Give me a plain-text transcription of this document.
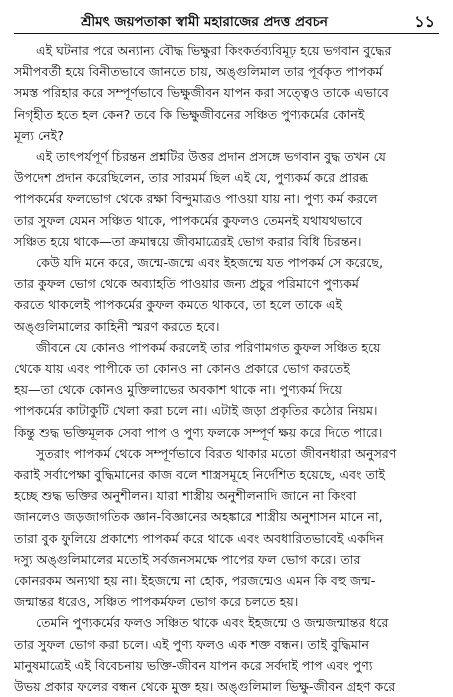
শ্রীমৎ জয়পতাকা স্বামী মহারাজের প্রদত্ত প্রবচন	১১
এই ঘটনার পরে অন্যান্য বৌদ্ধ ভিক্ষুরা কিংকর্তব্যবিমূঢ় হয়ে ভগবান বুদ্ধের
সমীপবর্তী হয়ে বিনীতভাবে জানতে চায়, অঙ্গুলিমাল তার পূর্বকৃত পাপকর্ম
সমস্ত পরিহার করে সম্পূর্ণভাবে ভিক্ষুজীবন যাপন করা সত্ত্বেও তাকে এভাবে
নিগৃহীত হতে হল কেন? তবে কি ভিক্ষুজীবনের সঞ্চিত পুণ্যকর্মের কোনই
মূল্য নেই?
এই তাৎপর্যপূর্ণ চিরন্তন প্রশ্নটির উত্তর প্রদান প্রসঙ্গে ভগবান বুদ্ধ তখন যে
উপদেশ প্রদান করেছিলেন, তার সারমর্ম ছিল এই যে, পুণ্যকর্ম করে প্রারব্ধ
পাপকর্মের ফলভোগ থেকে রক্ষা বিন্দুমাত্রও পাওয়া যায় না। পুণ্য কর্ম করলে
তার সুফল যেমন সঞ্চিত থাকে, পাপকর্মের কুফলও তেমনই যথাযথভাবে
সঞ্চিত হয়ে থাকে—তা ক্রমান্বয়ে জীবমাত্রেরই ভোগ করার বিধি চিরন্তন।
কেউ যদি মনে করে, জন্মে-জন্মে এবং ইহজন্মে যত পাপকর্ম সে করেছে,
তার কুফল ভোগ থেকে অব্যাহতি পাওয়ার জন্য প্রচুর পরিমাণে পুণ্যকর্ম
করতে থাকলেই পাপকর্মের কুফল কমতে থাকবে, তা হলে তাকে এই
অঙ্গুলিমালের কাহিনী স্মরণ করতে হবে।
জীবনে যে কোনও পাপকর্ম করলেই তার পরিণামগত কুফল সঞ্চিত হয়ে
থেকে যায় এবং পাপীকে তা কোনও না কোনও প্রকারে ভোগ করতেই
হয়—তা থেকে কোনও মুক্তিলাভের অবকাশ থাকে না। পুণ্যকর্ম দিয়ে
পাপকর্মের কাটাকুটি খেলা করা চলে না। এটাই জড়া প্রকৃতির কঠোর নিয়ম।
কিন্তু শুদ্ধ ভক্তিমূলক সেবা পাপ ও পুণ্য ফলকে সম্পূর্ণ ক্ষয় করে দিতে পারে।
সুতরাং পাপকর্ম থেকে সম্পূর্ণভাবে বিরত থাকার মতো জীবনধারা অনুসরণ
করাই সর্বাপেক্ষা বুদ্ধিমানের কাজ বলে শাস্ত্রসমূহে নির্দেশিত হয়েছে, এবং তাই
হচ্ছে শুদ্ধ ভক্তির অনুশীলন। যারা শাস্ত্রীয় অনুশীলনাদি জানে না কিংবা
জানলেও জড়জাগতিক জ্ঞান-বিজ্ঞানের অহঙ্কারে শাস্ত্রীয় অনুশাসন মানে না,
তারা বুক ফুলিয়ে প্রকাশ্যে পাপকর্ম করে থাকে এবং অবধারিতভাবেই একদিন
দস্যু অঙ্গুলিমালের মতোই সর্বজনসমক্ষে পাপের ফল ভোগ করে। তার
কোনরকম অন্যথা হয় না। ইহজন্মে না হোক, পরজন্মেও এমন কি বহু জন্ম-
জন্মান্তর ধরেও, সঞ্চিত পাপকর্মফল ভোগ করে চলতে হয়।
তেমনি পুণ্যকর্মের ফলও সঞ্চিত থাকে এবং ইহজন্মে ও জন্মজন্মান্তর ধরে
তার সুফল ভোগ করা চলে। এই পুণ্য ফলও এক শক্ত বন্ধন। তাই বুদ্ধিমান
মানুষমাত্রেই এই বিবেচনায় ভক্তি-জীবন যাপন করে সর্বদাই পাপ এবং পুণ্য
উভয় প্রকার ফলের বন্ধন থেকে মুক্ত হয়। অঙ্গুলিমাল ভিক্ষু-জীবন গ্রহণ করে
